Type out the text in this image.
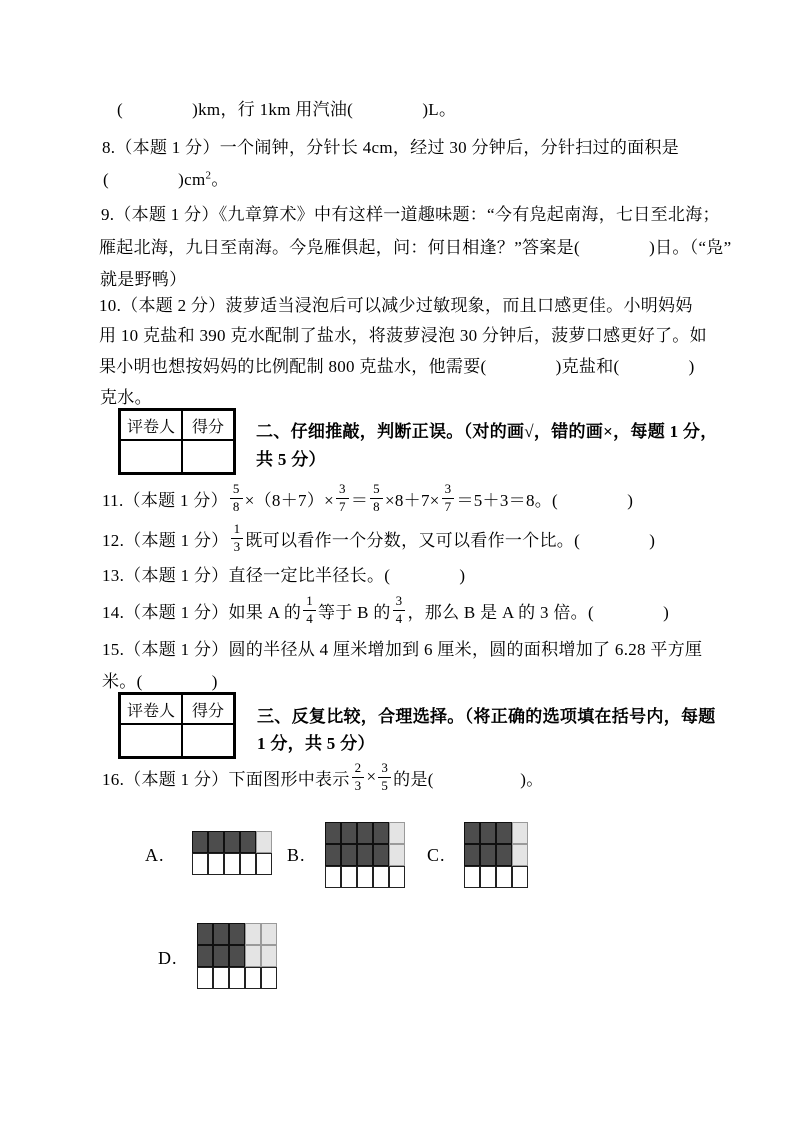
(　　　　)km，行 1km 用汽油(　　　　)L。
8.（本题 1 分）一个闹钟，分针长 4cm，经过 30 分钟后，分针扫过的面积是
(　　　　)$cm^2$。
9.（本题 1 分）《九章算术》中有这样一道趣味题：“今有凫起南海，七日至北海；
雁起北海，九日至南海。今凫雁俱起，问：何日相逢？”答案是(　　　　)日。（“凫”
就是野鸭）
10.（本题 2 分）菠萝适当浸泡后可以减少过敏现象，而且口感更佳。小明妈妈
用 10 克盐和 390 克水配制了盐水，将菠萝浸泡 30 分钟后，菠萝口感更好了。如
果小明也想按妈妈的比例配制 800 克盐水，他需要(　　　　)克盐和(　　　　)
克水。
评卷人	得分	二、仔细推敲，判断正误。（对的画√，错的画×，每题 1 分，
共 5 分）
11.（本题 1 分） $\frac{5}{8} \times(8+7)\times \frac{3}{7} = \frac{5}{8} \times 8+7\times \frac{3}{7} =5+3=8$。(　　　　)
12.（本题 1 分） $\frac{1}{3}$ 既可以看作一个分数，又可以看作一个比。(　　　　)
13.（本题 1 分）直径一定比半径长。(　　　　)
14.（本题 1 分）如果 A 的 $\frac{1}{4}$ 等于 B 的 $\frac{3}{4}$ ，那么 B 是 A 的 3 倍。(　　　　)
15.（本题 1 分）圆的半径从 4 厘米增加到 6 厘米，圆的面积增加了 6.28 平方厘
米。(　　　　)
评卷人	得分	三、反复比较，合理选择。（将正确的选项填在括号内，每题
1 分，共 5 分）
16.（本题 1 分）下面图形中表示 $\frac{2}{3} \times \frac{3}{5}$ 的是(　　　　　)。
A.	B.	C.
D.
